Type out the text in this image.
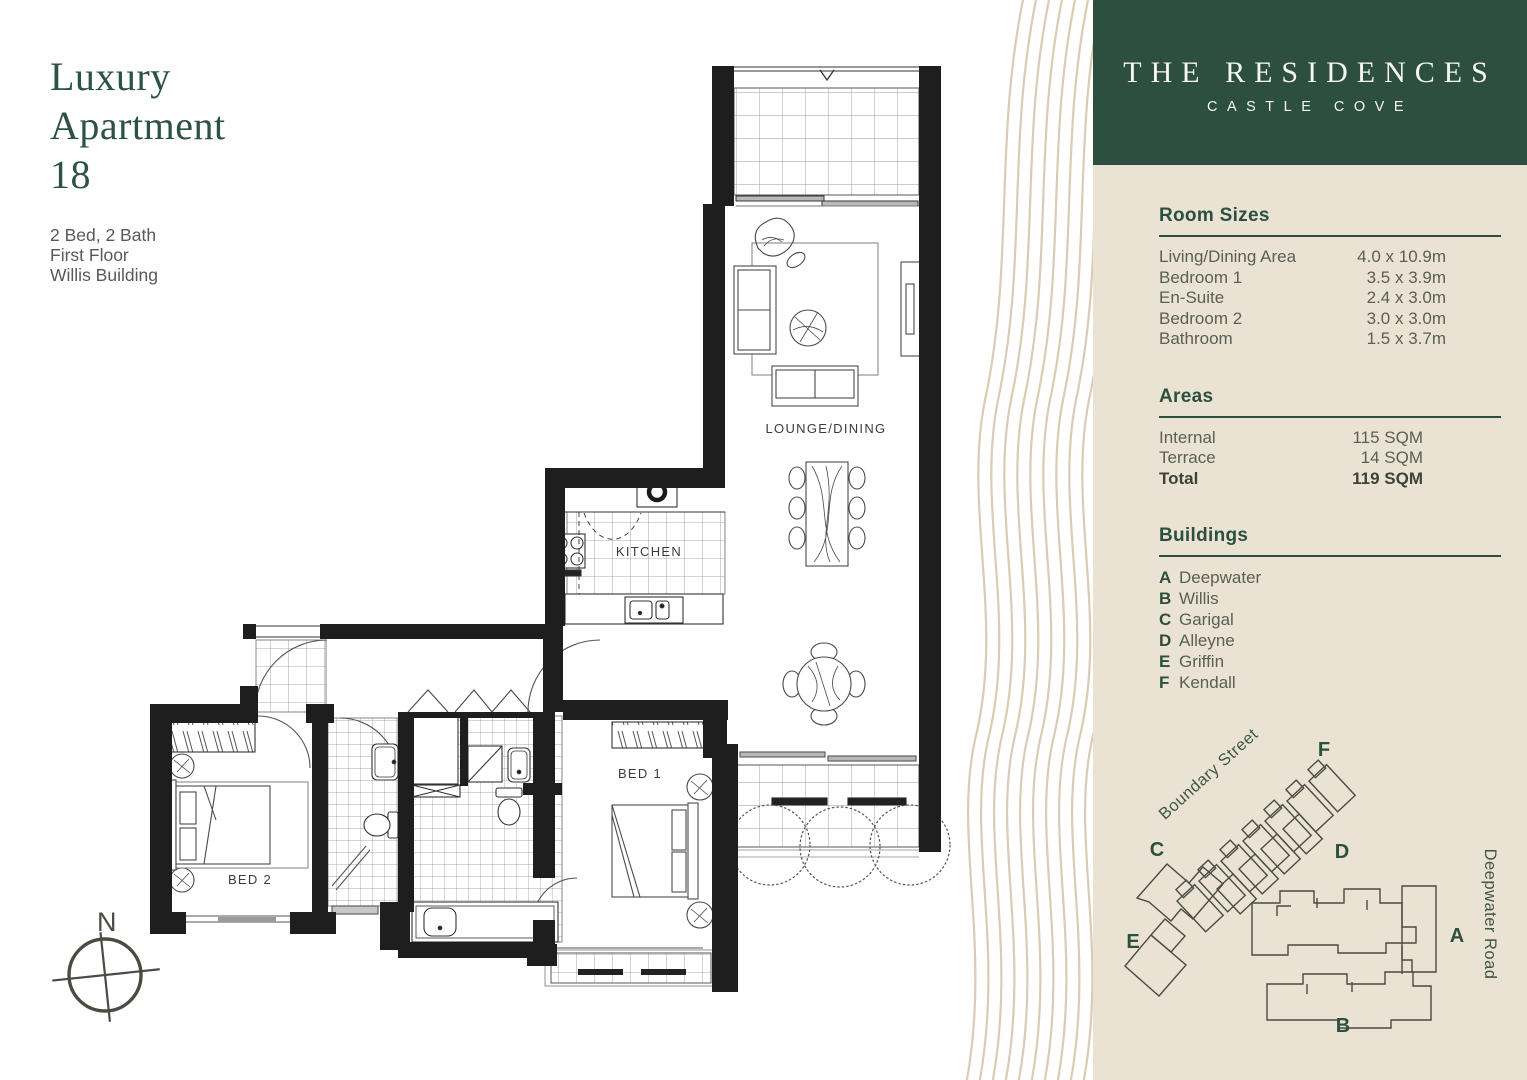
Luxury
Apartment
18
2 Bed, 2 Bath
First Floor
Willis Building
LOUNGE/DINING
KITCHEN
BED 1
BED 2
N
THE RESIDENCES
CASTLE COVE
Room Sizes
Living/Dining Area	4.0 x 10.9m
Bedroom 1	3.5 x 3.9m
En-Suite	2.4 x 3.0m
Bedroom 2	3.0 x 3.0m
Bathroom	1.5 x 3.7m
Areas
Internal	115 SQM
Terrace	14 SQM
Total	119 SQM
Buildings
A Deepwater
B Willis
C Garigal
D Alleyne
E Griffin
F Kendall
Boundary Street
Deepwater Road
F
C
E
D
A
B
